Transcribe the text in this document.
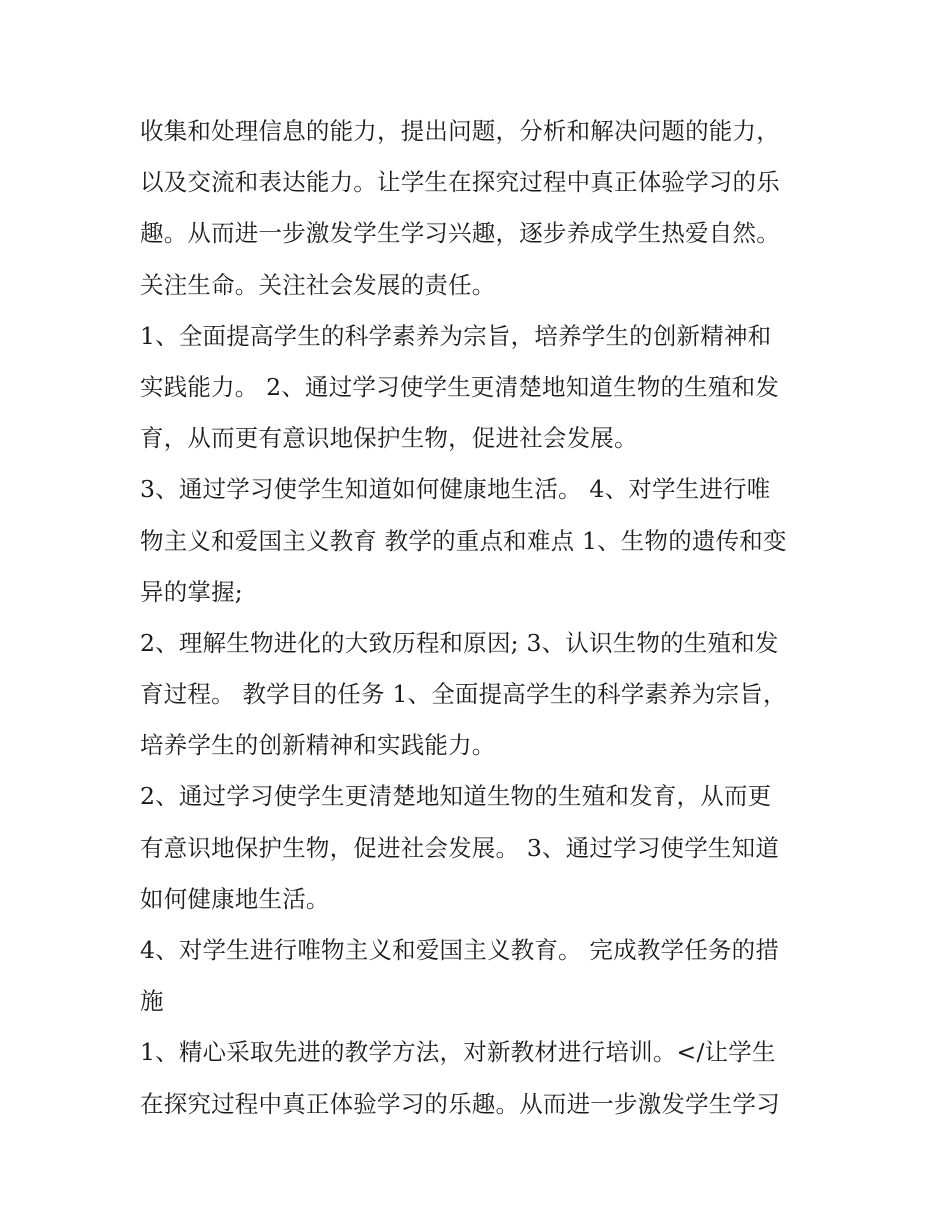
收集和处理信息的能力，提出问题，分析和解决问题的能力，
以及交流和表达能力。让学生在探究过程中真正体验学习的乐
趣。从而进一步激发学生学习兴趣，逐步养成学生热爱自然。
关注生命。关注社会发展的责任。
1、全面提高学生的科学素养为宗旨，培养学生的创新精神和
实践能力。 2、通过学习使学生更清楚地知道生物的生殖和发
育，从而更有意识地保护生物，促进社会发展。
3、通过学习使学生知道如何健康地生活。 4、对学生进行唯
物主义和爱国主义教育 教学的重点和难点 1、生物的遗传和变
异的掌握;
2、理解生物进化的大致历程和原因; 3、认识生物的生殖和发
育过程。 教学目的任务 1、全面提高学生的科学素养为宗旨，
培养学生的创新精神和实践能力。
2、通过学习使学生更清楚地知道生物的生殖和发育，从而更
有意识地保护生物，促进社会发展。 3、通过学习使学生知道
如何健康地生活。
4、对学生进行唯物主义和爱国主义教育。 完成教学任务的措
施
1、精心采取先进的教学方法，对新教材进行培训。</让学生
在探究过程中真正体验学习的乐趣。从而进一步激发学生学习
